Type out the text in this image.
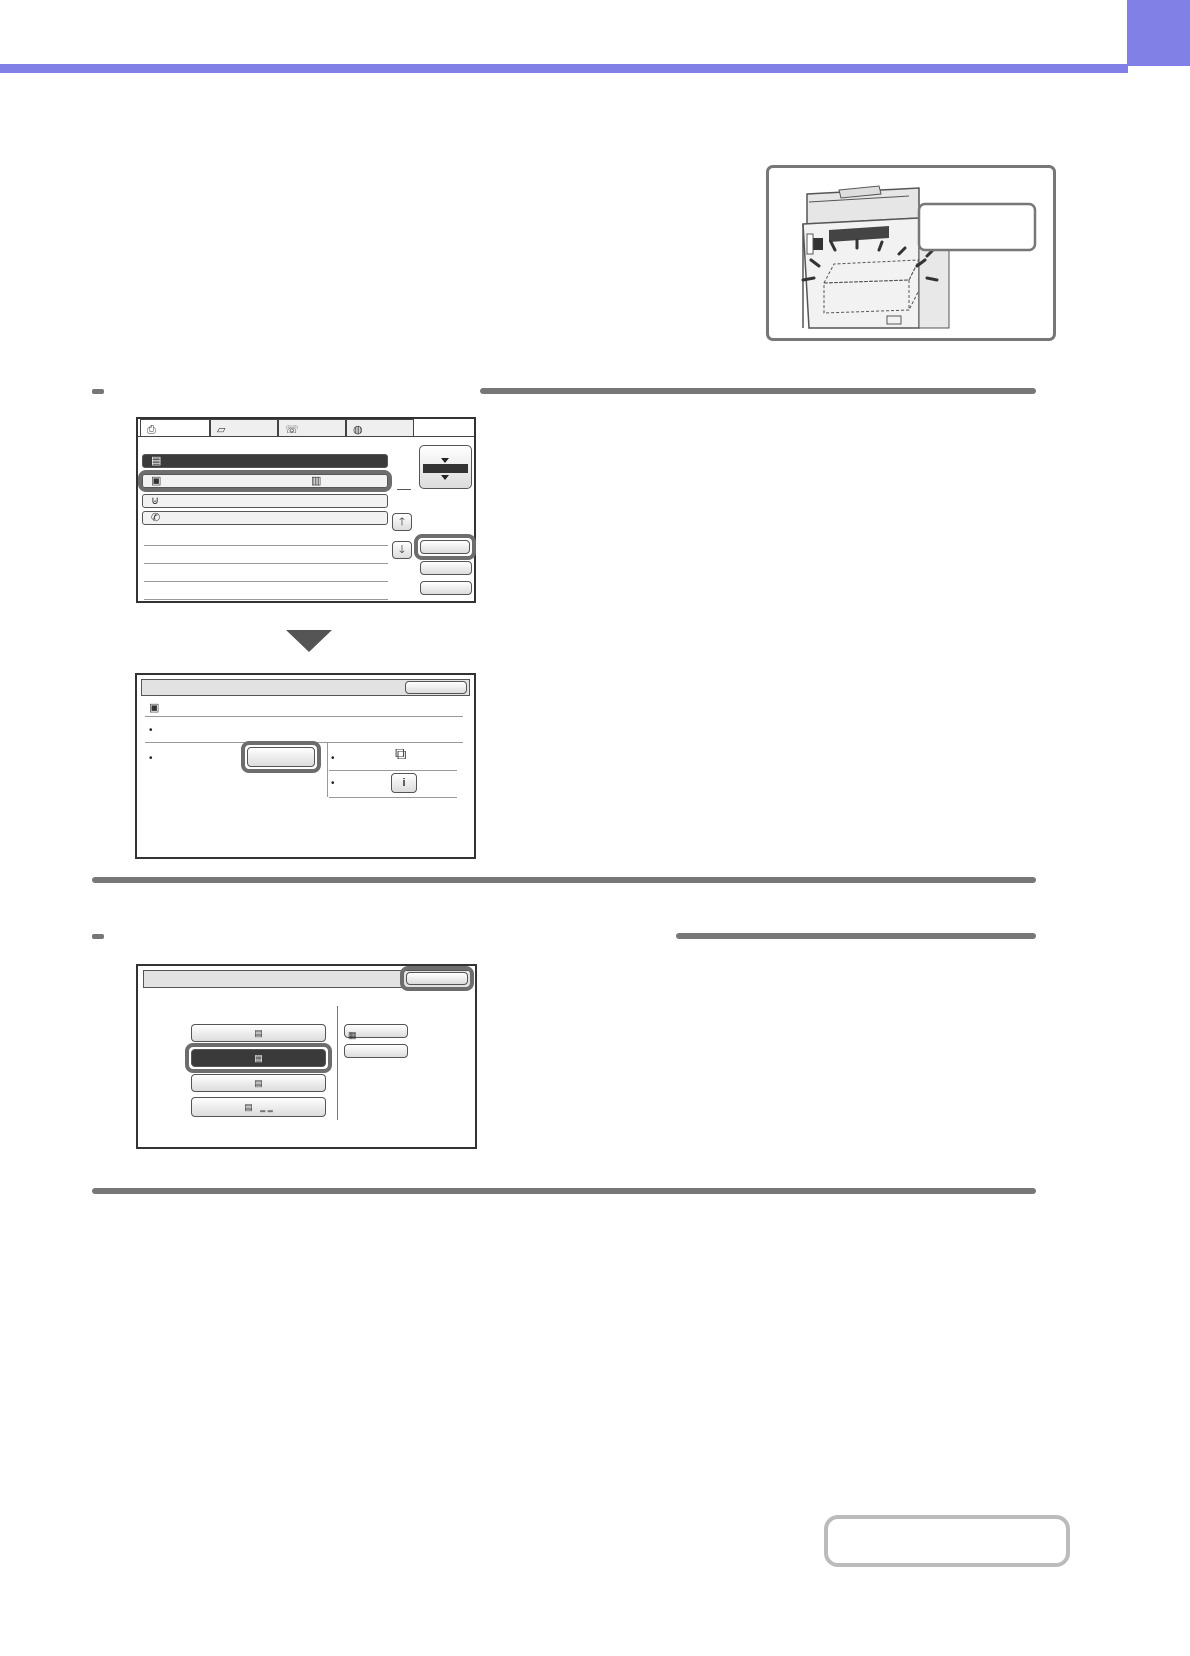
⎙	▱	☏	◍
▤
▣	▥
⊍
✆	🡑
🡓
▣
•
•	•	⧉
•	i
▤
▤
▤
▤   ‗ ‗
▦
